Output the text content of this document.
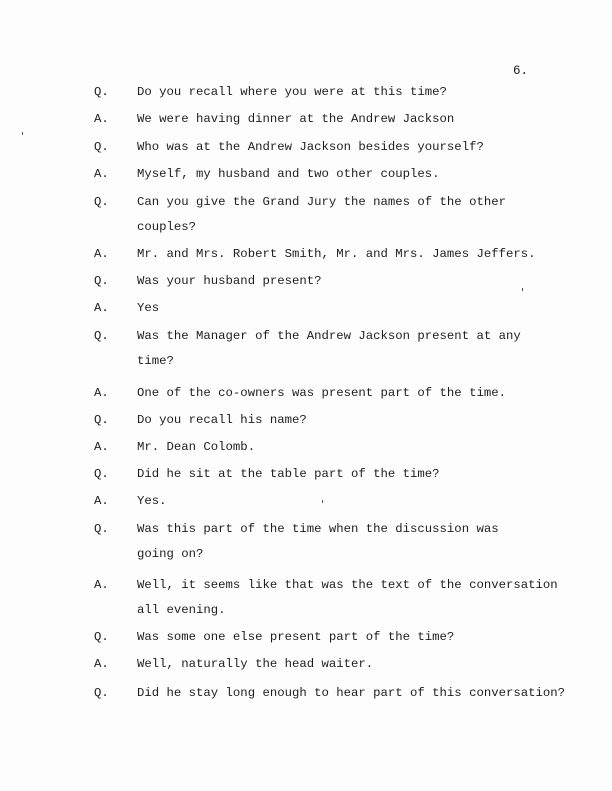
6.
Q.	Do you recall where you were at this time?
A.	We were having dinner at the Andrew Jackson
Q.	Who was at the Andrew Jackson besides yourself?
A.	Myself, my husband and two other couples.
Q.	Can you give the Grand Jury the names of the other
couples?
A.	Mr. and Mrs. Robert Smith, Mr. and Mrs. James Jeffers.
Q.	Was your husband present?
A.	Yes
Q.	Was the Manager of the Andrew Jackson present at any
time?
A.	One of the co-owners was present part of the time.
Q.	Do you recall his name?
A.	Mr. Dean Colomb.
Q.	Did he sit at the table part of the time?
A.	Yes.
Q.	Was this part of the time when the discussion was
going on?
A.	Well, it seems like that was the text of the conversation
all evening.
Q.	Was some one else present part of the time?
A.	Well, naturally the head waiter.
Q.	Did he stay long enough to hear part of this conversation?
